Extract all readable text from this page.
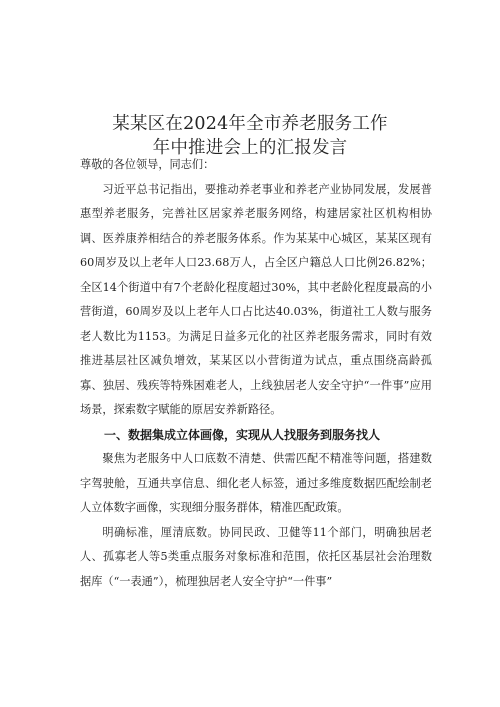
某某区在2024年全市养老服务工作
年中推进会上的汇报发言

尊敬的各位领导，同志们：

习近平总书记指出，要推动养老事业和养老产业协同发展，发展普惠型养老服务，完善社区居家养老服务网络，构建居家社区机构相协调、医养康养相结合的养老服务体系。作为某某中心城区，某某区现有60周岁及以上老年人口23.68万人，占全区户籍总人口比例26.82%；全区14个街道中有7个老龄化程度超过30%，其中老龄化程度最高的小营街道，60周岁及以上老年人口占比达40.03%，街道社工人数与服务老人数比为1153。为满足日益多元化的社区养老服务需求，同时有效推进基层社区减负增效，某某区以小营街道为试点，重点围绕高龄孤寡、独居、残疾等特殊困难老人，上线独居老人安全守护“一件事”应用场景，探索数字赋能的原居安养新路径。

一、数据集成立体画像，实现从人找服务到服务找人

聚焦为老服务中人口底数不清楚、供需匹配不精准等问题，搭建数字驾驶舱，互通共享信息、细化老人标签，通过多维度数据匹配绘制老人立体数字画像，实现细分服务群体，精准匹配政策。

明确标准，厘清底数。协同民政、卫健等11个部门，明确独居老人、孤寡老人等5类重点服务对象标准和范围，依托区基层社会治理数据库（“一表通”），梳理独居老人安全守护“一件事”
